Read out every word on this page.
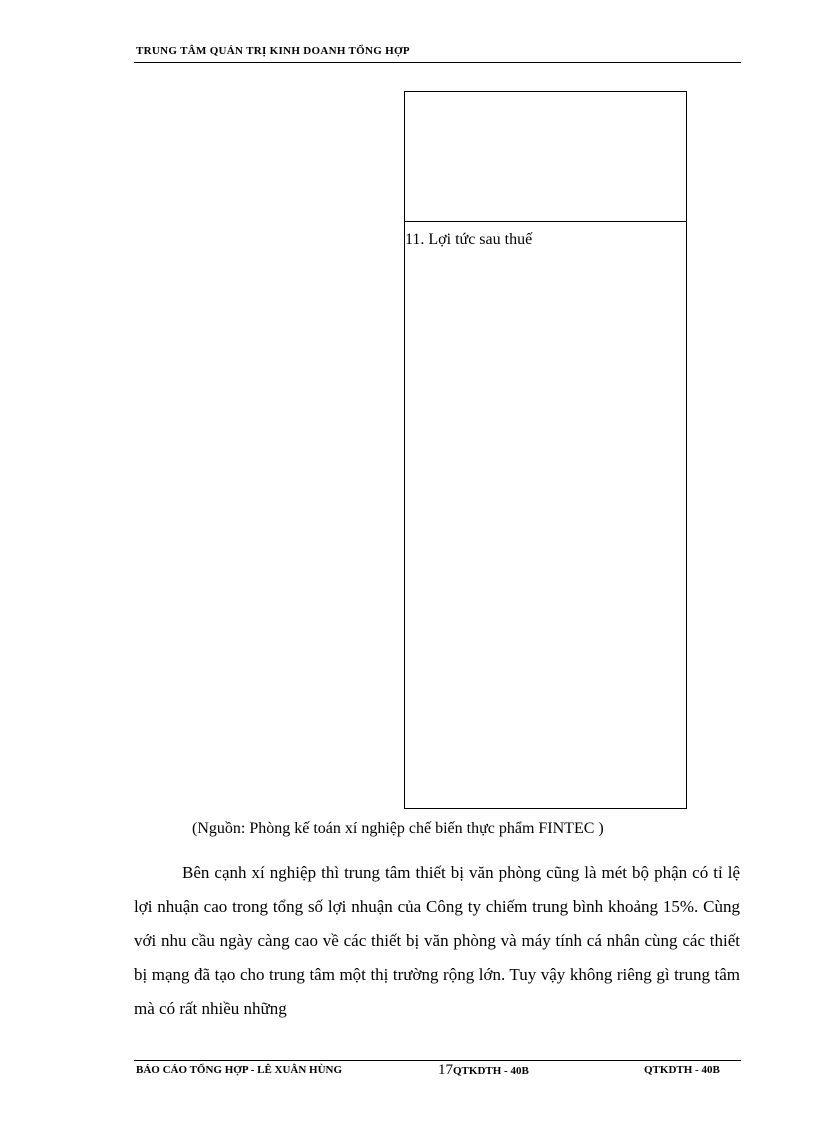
TRUNG TÂM QUẢN TRỊ KINH DOANH TỔNG HỢP
11. Lợi tức sau thuế
(Nguồn: Phòng kế toán xí nghiệp chế biến thực phẩm FINTEC )

Bên cạnh xí nghiệp thì trung tâm thiết bị văn phòng cũng là mét bộ phận có tỉ lệ lợi nhuận cao trong tổng số lợi nhuận của Công ty chiếm trung bình khoảng 15%. Cùng với nhu cầu ngày càng cao về các thiết bị văn phòng và máy tính cá nhân cùng các thiết bị mạng đã tạo cho trung tâm một thị trường rộng lớn. Tuy vậy không riêng gì trung tâm mà có rất nhiều những

BÁO CÁO TỔNG HỢP - LÊ XUÂN HÙNG	17QTKDTH - 40B	QTKDTH - 40B
